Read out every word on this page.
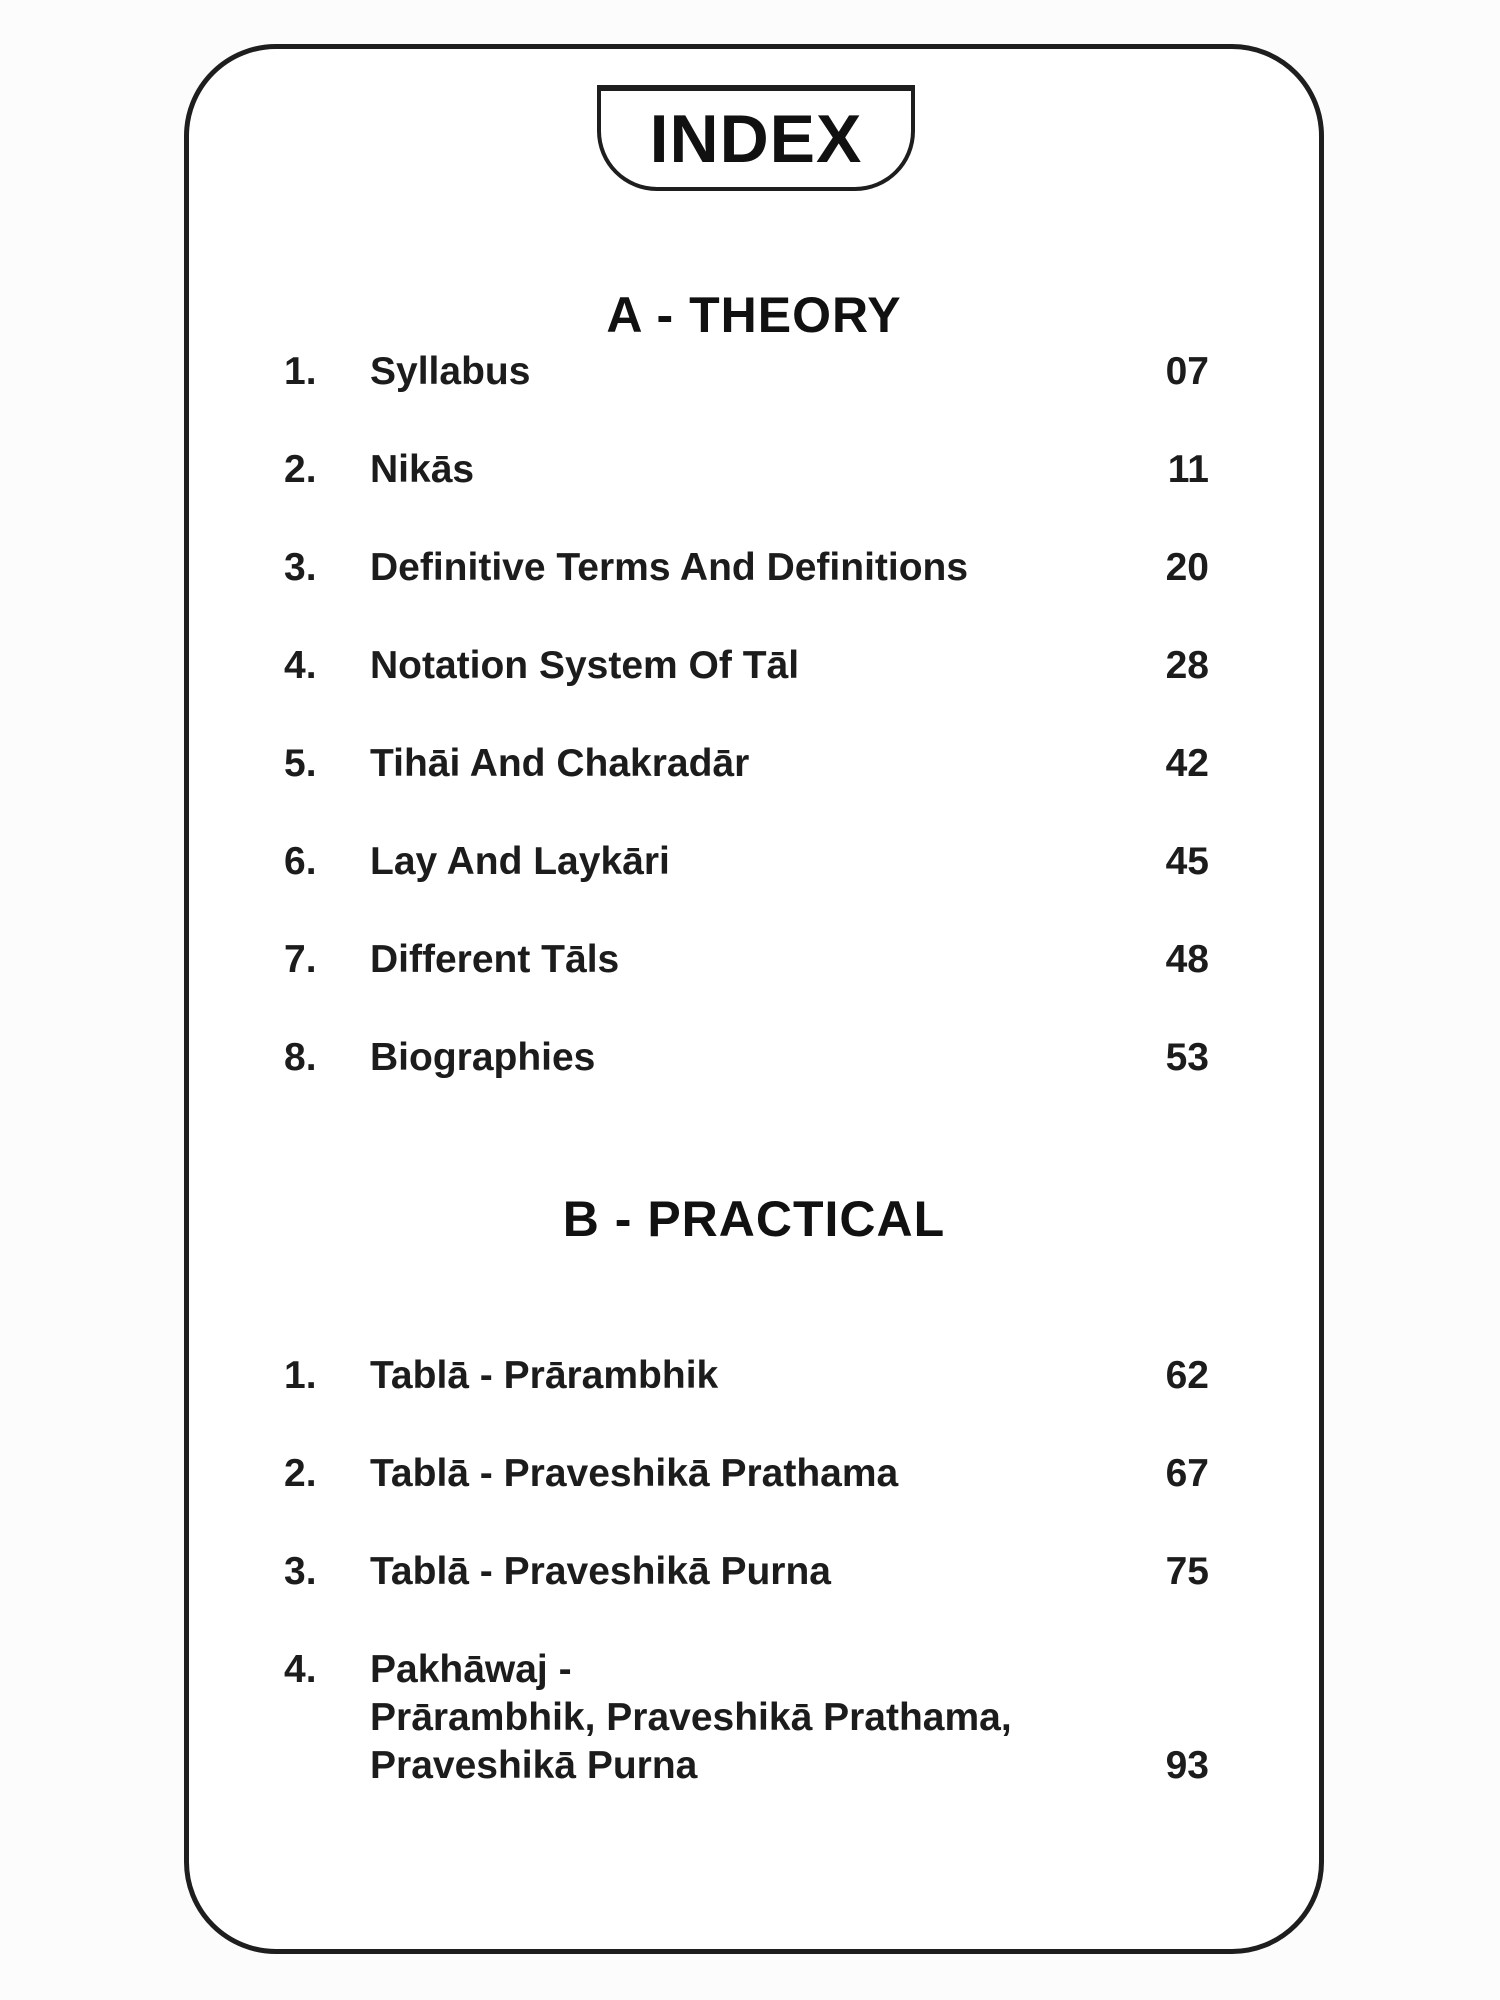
INDEX
A - THEORY
1. Syllabus	07
2. Nikās	11
3. Definitive Terms And Definitions	20
4. Notation System Of Tāl	28
5. Tihāi And Chakradār	42
6. Lay And Laykāri	45
7. Different Tāls	48
8. Biographies	53
B - PRACTICAL
1. Tablā - Prārambhik	62
2. Tablā - Praveshikā Prathama	67
3. Tablā - Praveshikā Purna	75
4. Pakhāwaj -
Prārambhik, Praveshikā Prathama,
Praveshikā Purna	93
